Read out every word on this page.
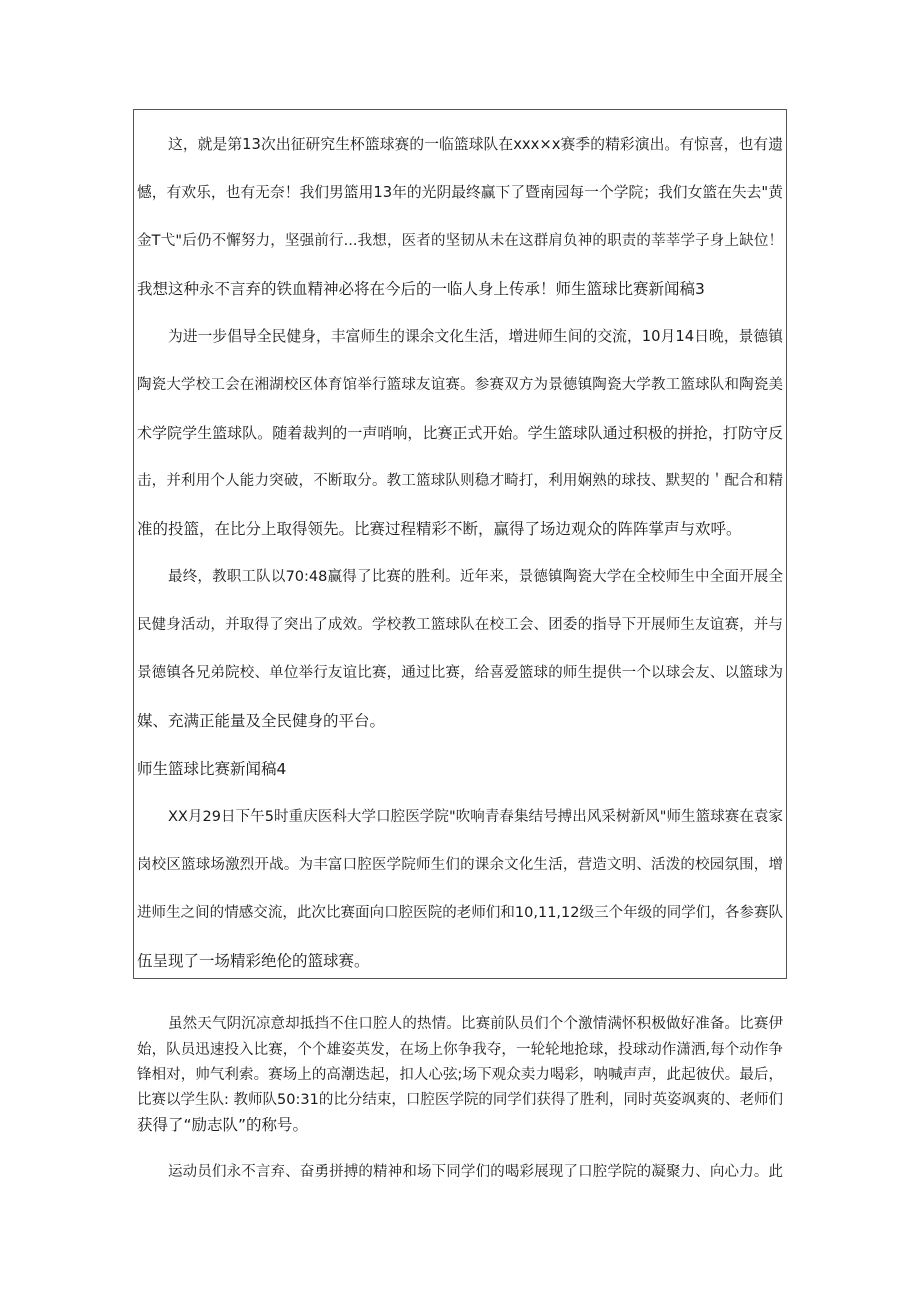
这，就是第13次出征研究生杯篮球赛的一临篮球队在xxx×x赛季的精彩演出。有惊喜，也有遗
憾，有欢乐，也有无奈！我们男篮用13年的光阴最终赢下了暨南园每一个学院；我们女篮在失去"黄
金T弋"后仍不懈努力，坚强前行...我想，医者的坚韧从未在这群肩负神的职责的莘莘学子身上缺位！
我想这种永不言弃的铁血精神必将在今后的一临人身上传承！师生篮球比赛新闻稿3
为进一步倡导全民健身，丰富师生的课余文化生活，增进师生间的交流，10月14日晚，景德镇
陶瓷大学校工会在湘湖校区体育馆举行篮球友谊赛。参赛双方为景德镇陶瓷大学教工篮球队和陶瓷美
术学院学生篮球队。随着裁判的一声哨响，比赛正式开始。学生篮球队通过积极的拼抢，打防守反
击，并利用个人能力突破，不断取分。教工篮球队则稳才畸打，利用娴熟的球技、默契的＇配合和精
准的投篮，在比分上取得领先。比赛过程精彩不断，赢得了场边观众的阵阵掌声与欢呼。
最终，教职工队以70:48赢得了比赛的胜利。近年来，景德镇陶瓷大学在全校师生中全面开展全
民健身活动，并取得了突出了成效。学校教工篮球队在校工会、团委的指导下开展师生友谊赛，并与
景德镇各兄弟院校、单位举行友谊比赛，通过比赛，给喜爱篮球的师生提供一个以球会友、以篮球为
媒、充满正能量及全民健身的平台。
师生篮球比赛新闻稿4
XX月29日下午5时重庆医科大学口腔医学院"吹响青春集结号搏出风采树新风"师生篮球赛在袁家
岗校区篮球场激烈开战。为丰富口腔医学院师生们的课余文化生活，营造文明、活泼的校园氛围，增
进师生之间的情感交流，此次比赛面向口腔医院的老师们和10,11,12级三个年级的同学们，各参赛队
伍呈现了一场精彩绝伦的篮球赛。
虽然天气阴沉凉意却抵挡不住口腔人的热情。比赛前队员们个个激情满怀积极做好准备。比赛伊
始，队员迅速投入比赛，个个雄姿英发，在场上你争我夺，一轮轮地抢球，投球动作潇洒,每个动作争
锋相对，帅气利索。赛场上的高潮迭起，扣人心弦;场下观众卖力喝彩，呐喊声声，此起彼伏。最后，
比赛以学生队: 教师队50:31的比分结束，口腔医学院的同学们获得了胜利，同时英姿飒爽的、老师们
获得了“励志队”的称号。
运动员们永不言弃、奋勇拼搏的精神和场下同学们的喝彩展现了口腔学院的凝聚力、向心力。此
